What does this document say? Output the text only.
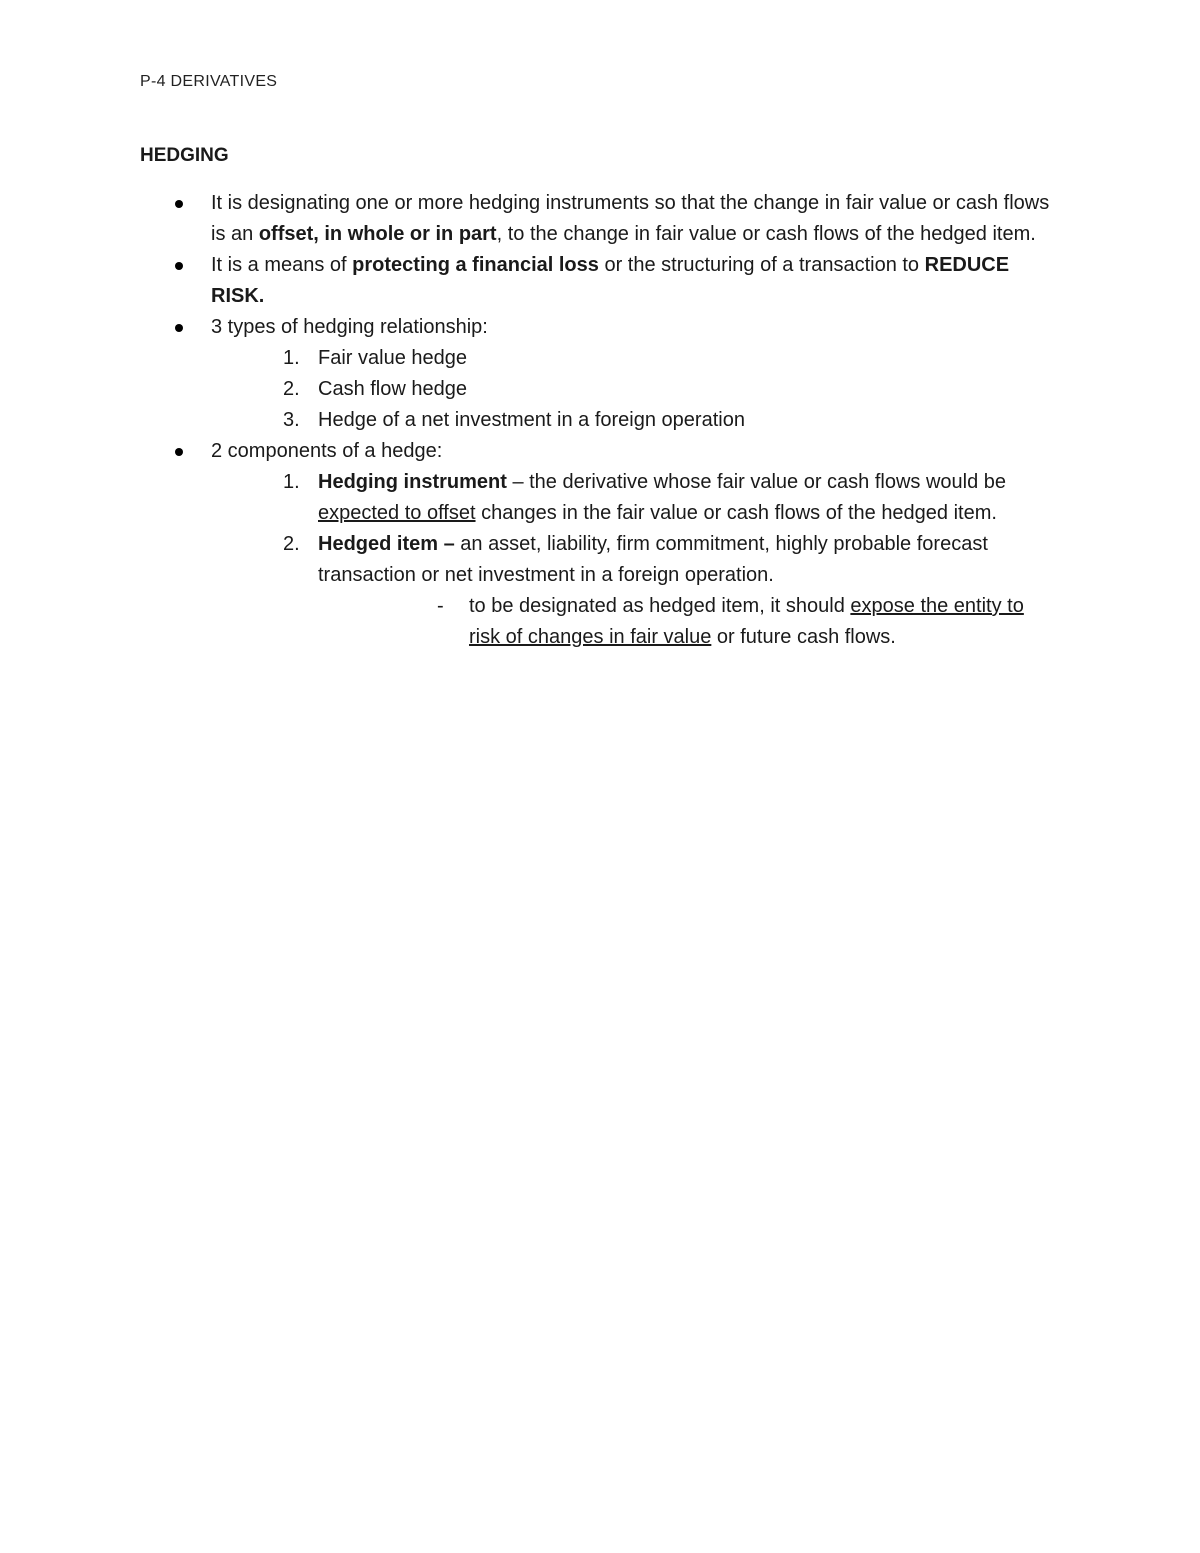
P-4 DERIVATIVES
HEDGING
It is designating one or more hedging instruments so that the change in fair value or cash flows is an offset, in whole or in part, to the change in fair value or cash flows of the hedged item.
It is a means of protecting a financial loss or the structuring of a transaction to REDUCE RISK.
3 types of hedging relationship:
1. Fair value hedge
2. Cash flow hedge
3. Hedge of a net investment in a foreign operation
2 components of a hedge:
1. Hedging instrument – the derivative whose fair value or cash flows would be expected to offset changes in the fair value or cash flows of the hedged item.
2. Hedged item – an asset, liability, firm commitment, highly probable forecast transaction or net investment in a foreign operation.
- to be designated as hedged item, it should expose the entity to risk of changes in fair value or future cash flows.
